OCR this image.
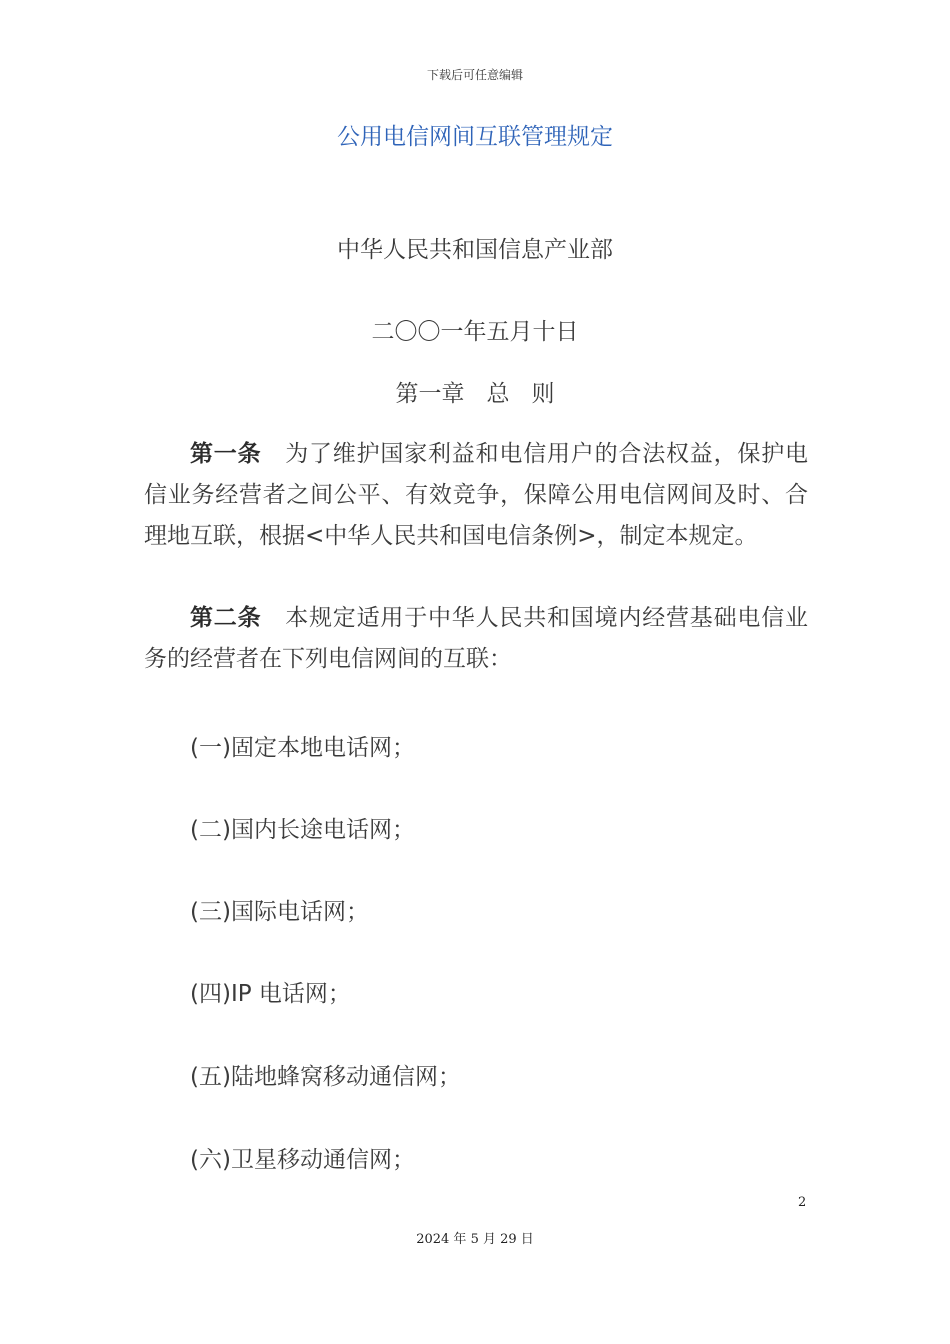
下载后可任意编辑
公用电信网间互联管理规定
中华人民共和国信息产业部
二〇〇一年五月十日
第一章 总 则
第一条 为了维护国家利益和电信用户的合法权益，保护电信业务经营者之间公平、有效竞争，保障公用电信网间及时、合理地互联，根据<中华人民共和国电信条例>，制定本规定。
第二条 本规定适用于中华人民共和国境内经营基础电信业务的经营者在下列电信网间的互联：
(一)固定本地电话网；
(二)国内长途电话网；
(三)国际电话网；
(四)IP 电话网；
(五)陆地蜂窝移动通信网；
(六)卫星移动通信网；
2
2024 年 5 月 29 日
